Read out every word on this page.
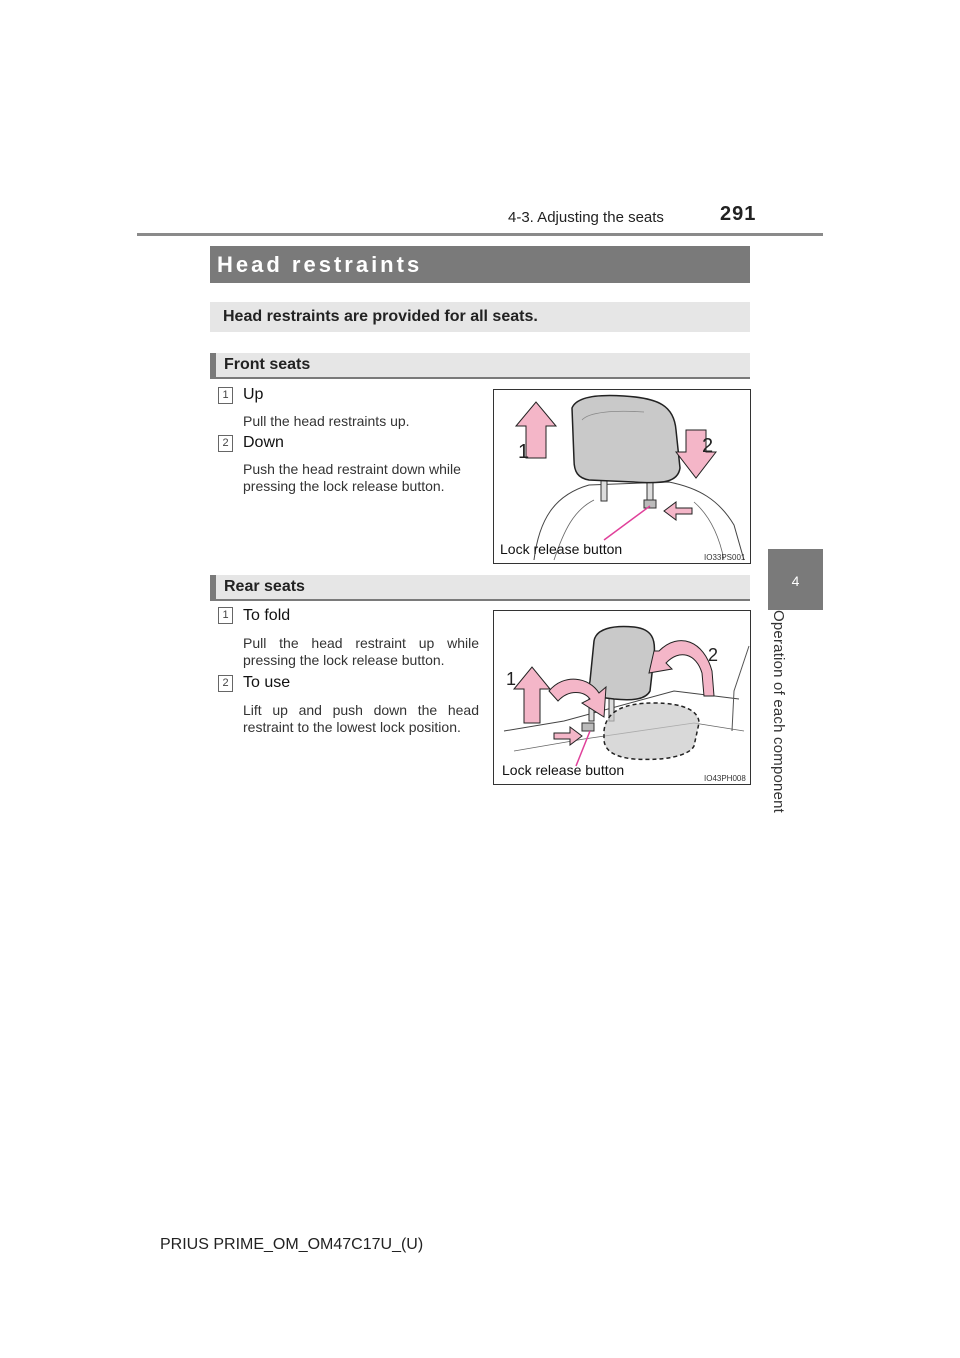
4-3. Adjusting the seats	291
4
Operation of each component
Head restraints
Head restraints are provided for all seats.
Front seats
1 Up
Pull the head restraints up.
2 Down
Push the head restraint down while pressing the lock release button.
1	2
Lock release button
IO33PS001
Rear seats
1 To fold
Pull the head restraint up while pressing the lock release button.
2 To use
Lift up and push down the head restraint to the lowest lock position.
1
2
Lock release button
IO43PH008
PRIUS PRIME_OM_OM47C17U_(U)
